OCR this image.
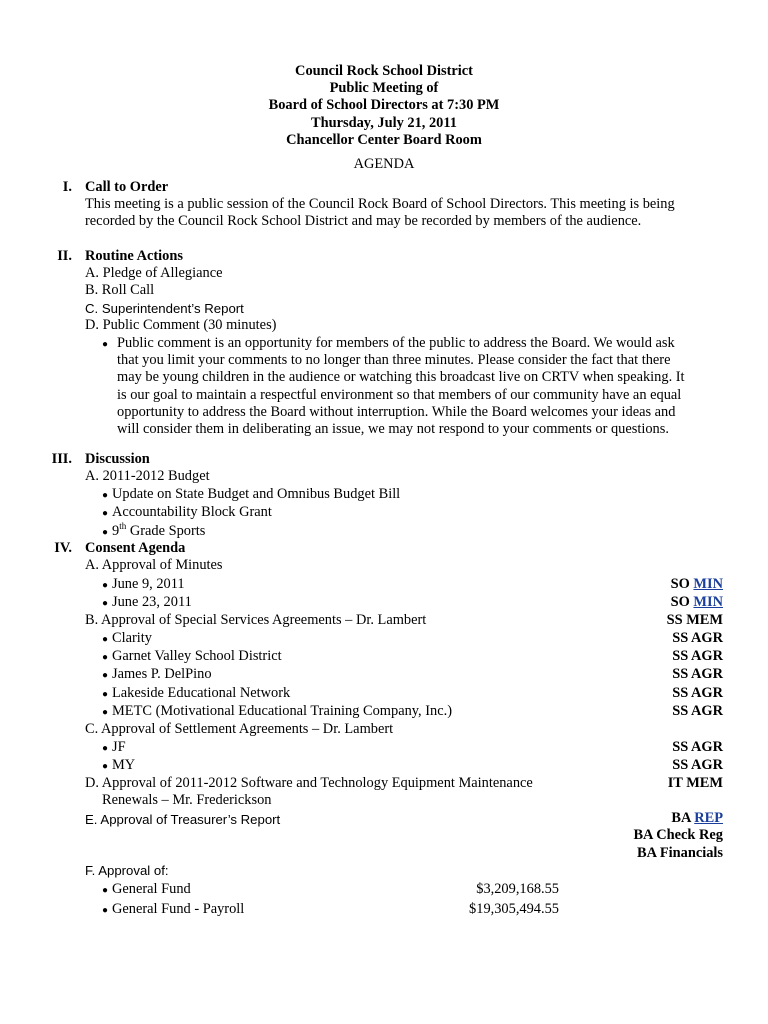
Council Rock School District
Public Meeting of
Board of School Directors at 7:30 PM
Thursday, July 21, 2011
Chancellor Center Board Room
AGENDA
I. Call to Order
This meeting is a public session of the Council Rock Board of School Directors. This meeting is being
recorded by the Council Rock School District and may be recorded by members of the audience.
II. Routine Actions
A. Pledge of Allegiance
B. Roll Call
C. Superintendent’s Report
D. Public Comment (30 minutes)
● Public comment is an opportunity for members of the public to address the Board. We would ask
that you limit your comments to no longer than three minutes. Please consider the fact that there
may be young children in the audience or watching this broadcast live on CRTV when speaking. It
is our goal to maintain a respectful environment so that members of our community have an equal
opportunity to address the Board without interruption. While the Board welcomes your ideas and
will consider them in deliberating an issue, we may not respond to your comments or questions.
III. Discussion
A. 2011-2012 Budget
● Update on State Budget and Omnibus Budget Bill
● Accountability Block Grant
● 9th Grade Sports
IV. Consent Agenda
A. Approval of Minutes
● June 9, 2011	SO MIN
● June 23, 2011	SO MIN
B. Approval of Special Services Agreements – Dr. Lambert	SS MEM
● Clarity	SS AGR
● Garnet Valley School District	SS AGR
● James P. DelPino	SS AGR
● Lakeside Educational Network	SS AGR
● METC (Motivational Educational Training Company, Inc.)	SS AGR
C. Approval of Settlement Agreements – Dr. Lambert
● JF	SS AGR
● MY	SS AGR
D. Approval of 2011-2012 Software and Technology Equipment Maintenance	IT MEM
Renewals – Mr. Frederickson
E. Approval of Treasurer’s Report	BA REP
BA Check Reg
BA Financials
F. Approval of:
● General Fund	$3,209,168.55
● General Fund - Payroll	$19,305,494.55
